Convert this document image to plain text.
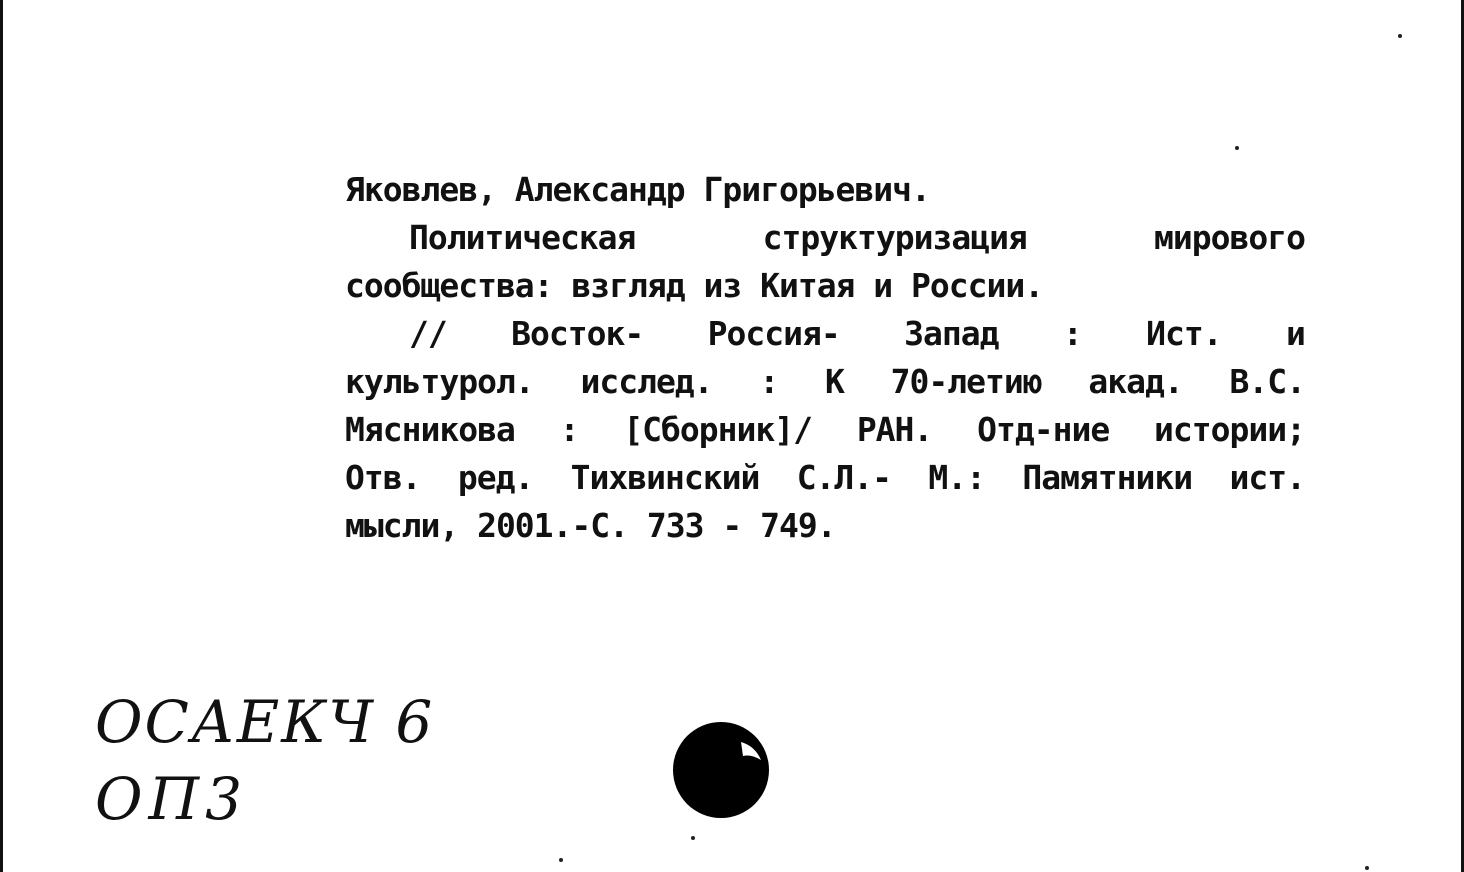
Яковлев, Александр Григорьевич.
Политическая	структуризация	мирового
сообщества: взгляд из Китая и России.
// Восток- Россия- Запад : Ист. и
культурол. исслед. : К 70-летию акад. В.С.
Мясникова : [Сборник]/ РАН. Отд-ние истории;
Отв. ред. Тихвинский С.Л.- М.: Памятники ист.
мысли, 2001.-С. 733 - 749.
ОСАЕКЧ 6
ОП3
